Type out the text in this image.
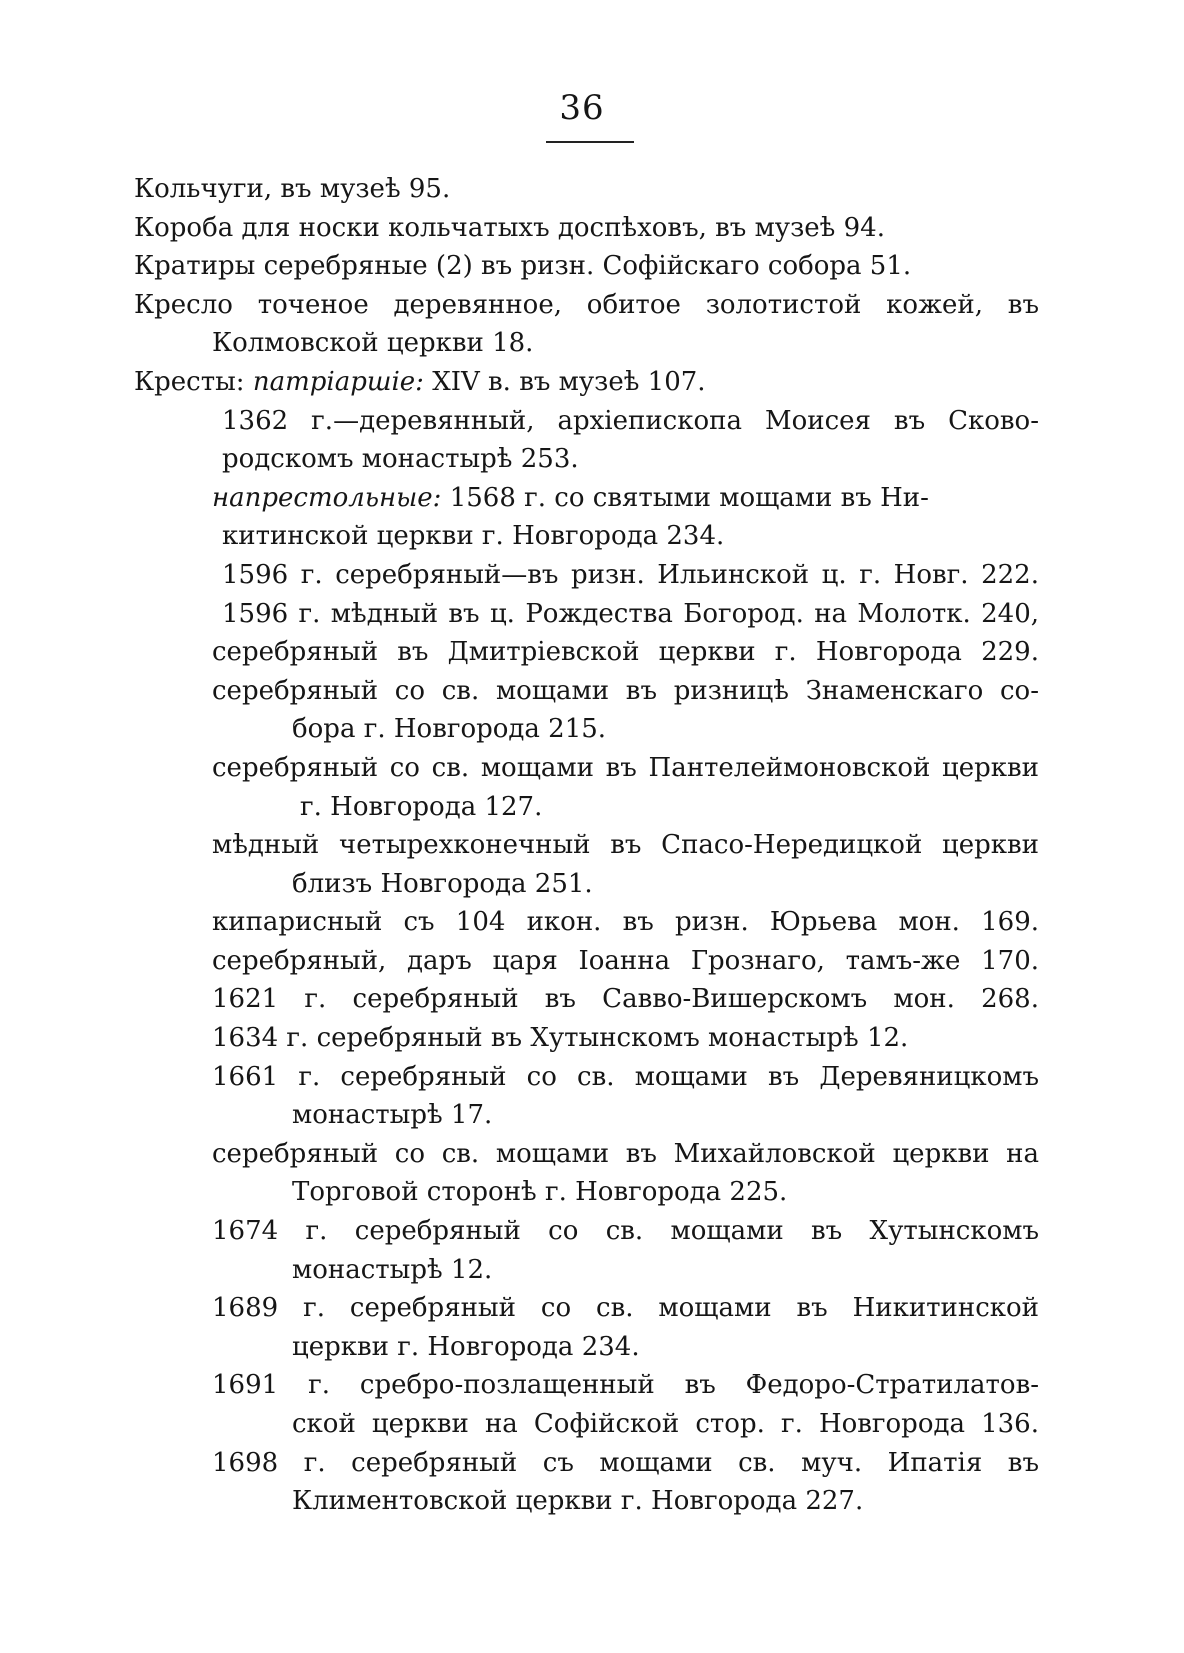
36

Кольчуги, въ музеѣ 95.

Короба для носки кольчатыхъ доспѣховъ, въ музеѣ 94.

Кратиры серебряные (2) въ ризн. Софійскаго собора 51.

Кресло точеное деревянное, обитое золотистой кожей, въ

Колмовской церкви 18.

Кресты: патріаршіе: XIV в. въ музеѣ 107.

1362 г.—деревянный, архіепископа Моисея въ Сково-

родскомъ монастырѣ 253.

напрестольные: 1568 г. со святыми мощами въ Ни-

китинской церкви г. Новгорода 234.

1596 г. серебряный—въ ризн. Ильинской ц. г. Новг. 222.

1596 г. мѣдный въ ц. Рождества Богород. на Молотк. 240,

серебряный въ Дмитріевской церкви г. Новгорода 229.

серебряный со св. мощами въ ризницѣ Знаменскаго со-

бора г. Новгорода 215.

серебряный со св. мощами въ Пантелеймоновской церкви

г. Новгорода 127.

мѣдный четырехконечный въ Спасо-Нередицкой церкви

близъ Новгорода 251.

кипарисный съ 104 икон. въ ризн. Юрьева мон. 169.

серебряный, даръ царя Іоанна Грознаго, тамъ-же 170.

1621 г. серебряный въ Савво-Вишерскомъ мон. 268.

1634 г. серебряный въ Хутынскомъ монастырѣ 12.

1661 г. серебряный со св. мощами въ Деревяницкомъ

монастырѣ 17.

серебряный со св. мощами въ Михайловской церкви на

Торговой сторонѣ г. Новгорода 225.

1674 г. серебряный со св. мощами въ Хутынскомъ

монастырѣ 12.

1689 г. серебряный со св. мощами въ Никитинской

церкви г. Новгорода 234.

1691 г. сребро-позлащенный въ Федоро-Стратилатов-

ской церкви на Софійской стор. г. Новгорода 136.

1698 г. серебряный съ мощами св. муч. Ипатія въ

Климентовской церкви г. Новгорода 227.
